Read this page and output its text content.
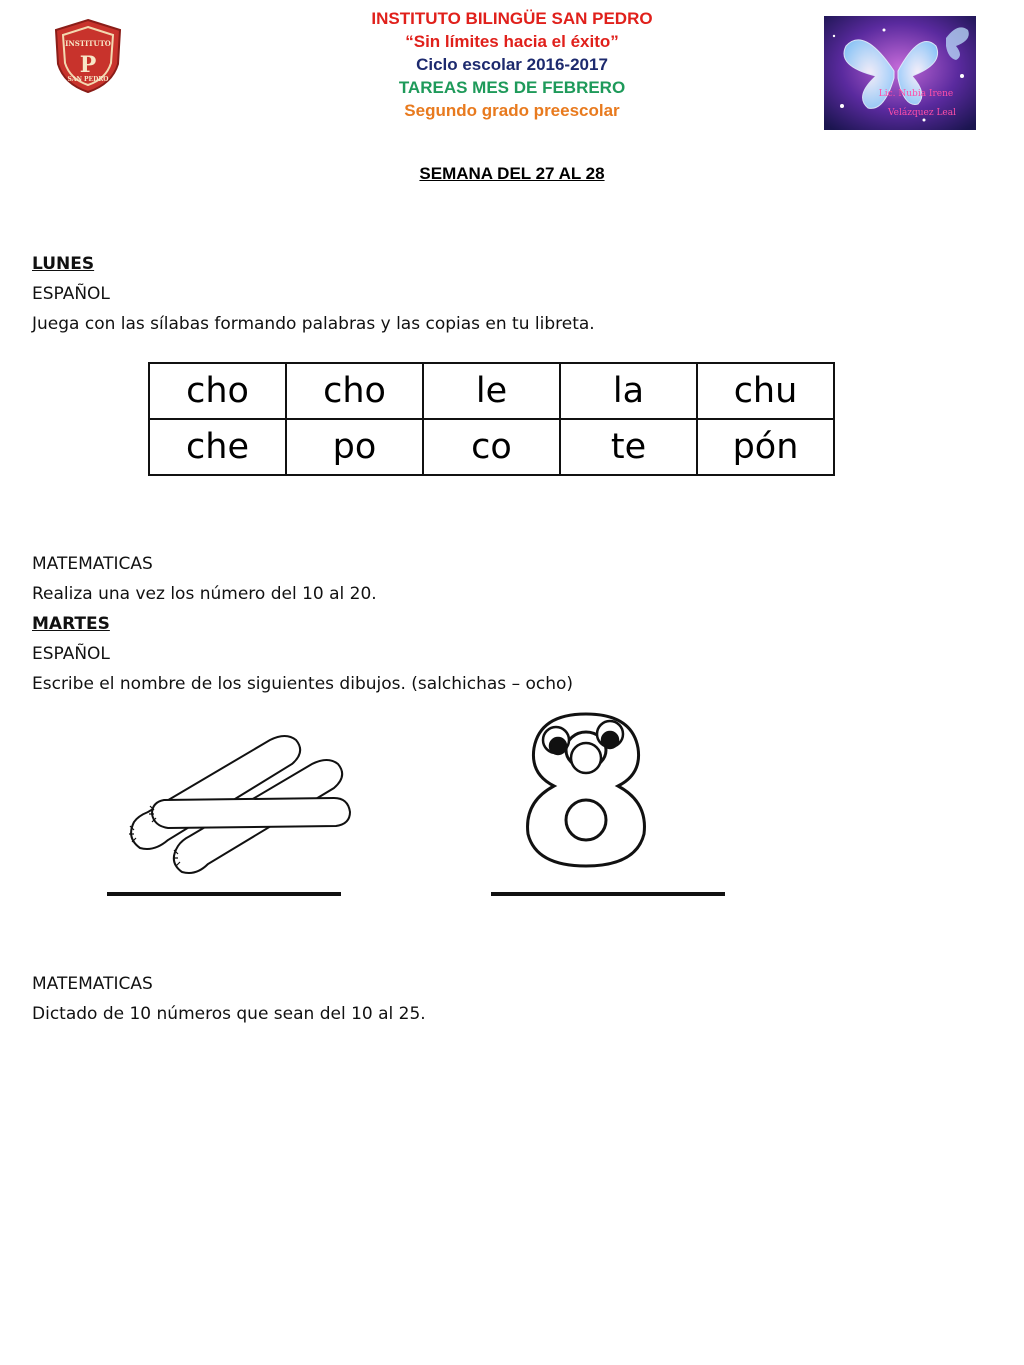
INSTITUTO
P
SAN PEDRO
INSTITUTO BILINGÜE SAN PEDRO
“Sin límites hacia el éxito”
Ciclo escolar 2016-2017
TAREAS MES DE FEBRERO
Segundo grado preescolar
Lic. Nubia Irene
Velázquez Leal
SEMANA DEL 27 AL 28
LUNES
ESPAÑOL
Juega con las sílabas formando palabras y las copias en tu libreta.
cho	cho	le	la	chu
che	po	co	te	pón
MATEMATICAS
Realiza una vez los número del 10 al 20.
MARTES
ESPAÑOL
Escribe el nombre de los siguientes dibujos. (salchichas – ocho)
MATEMATICAS
Dictado de 10 números que sean del 10 al 25.
